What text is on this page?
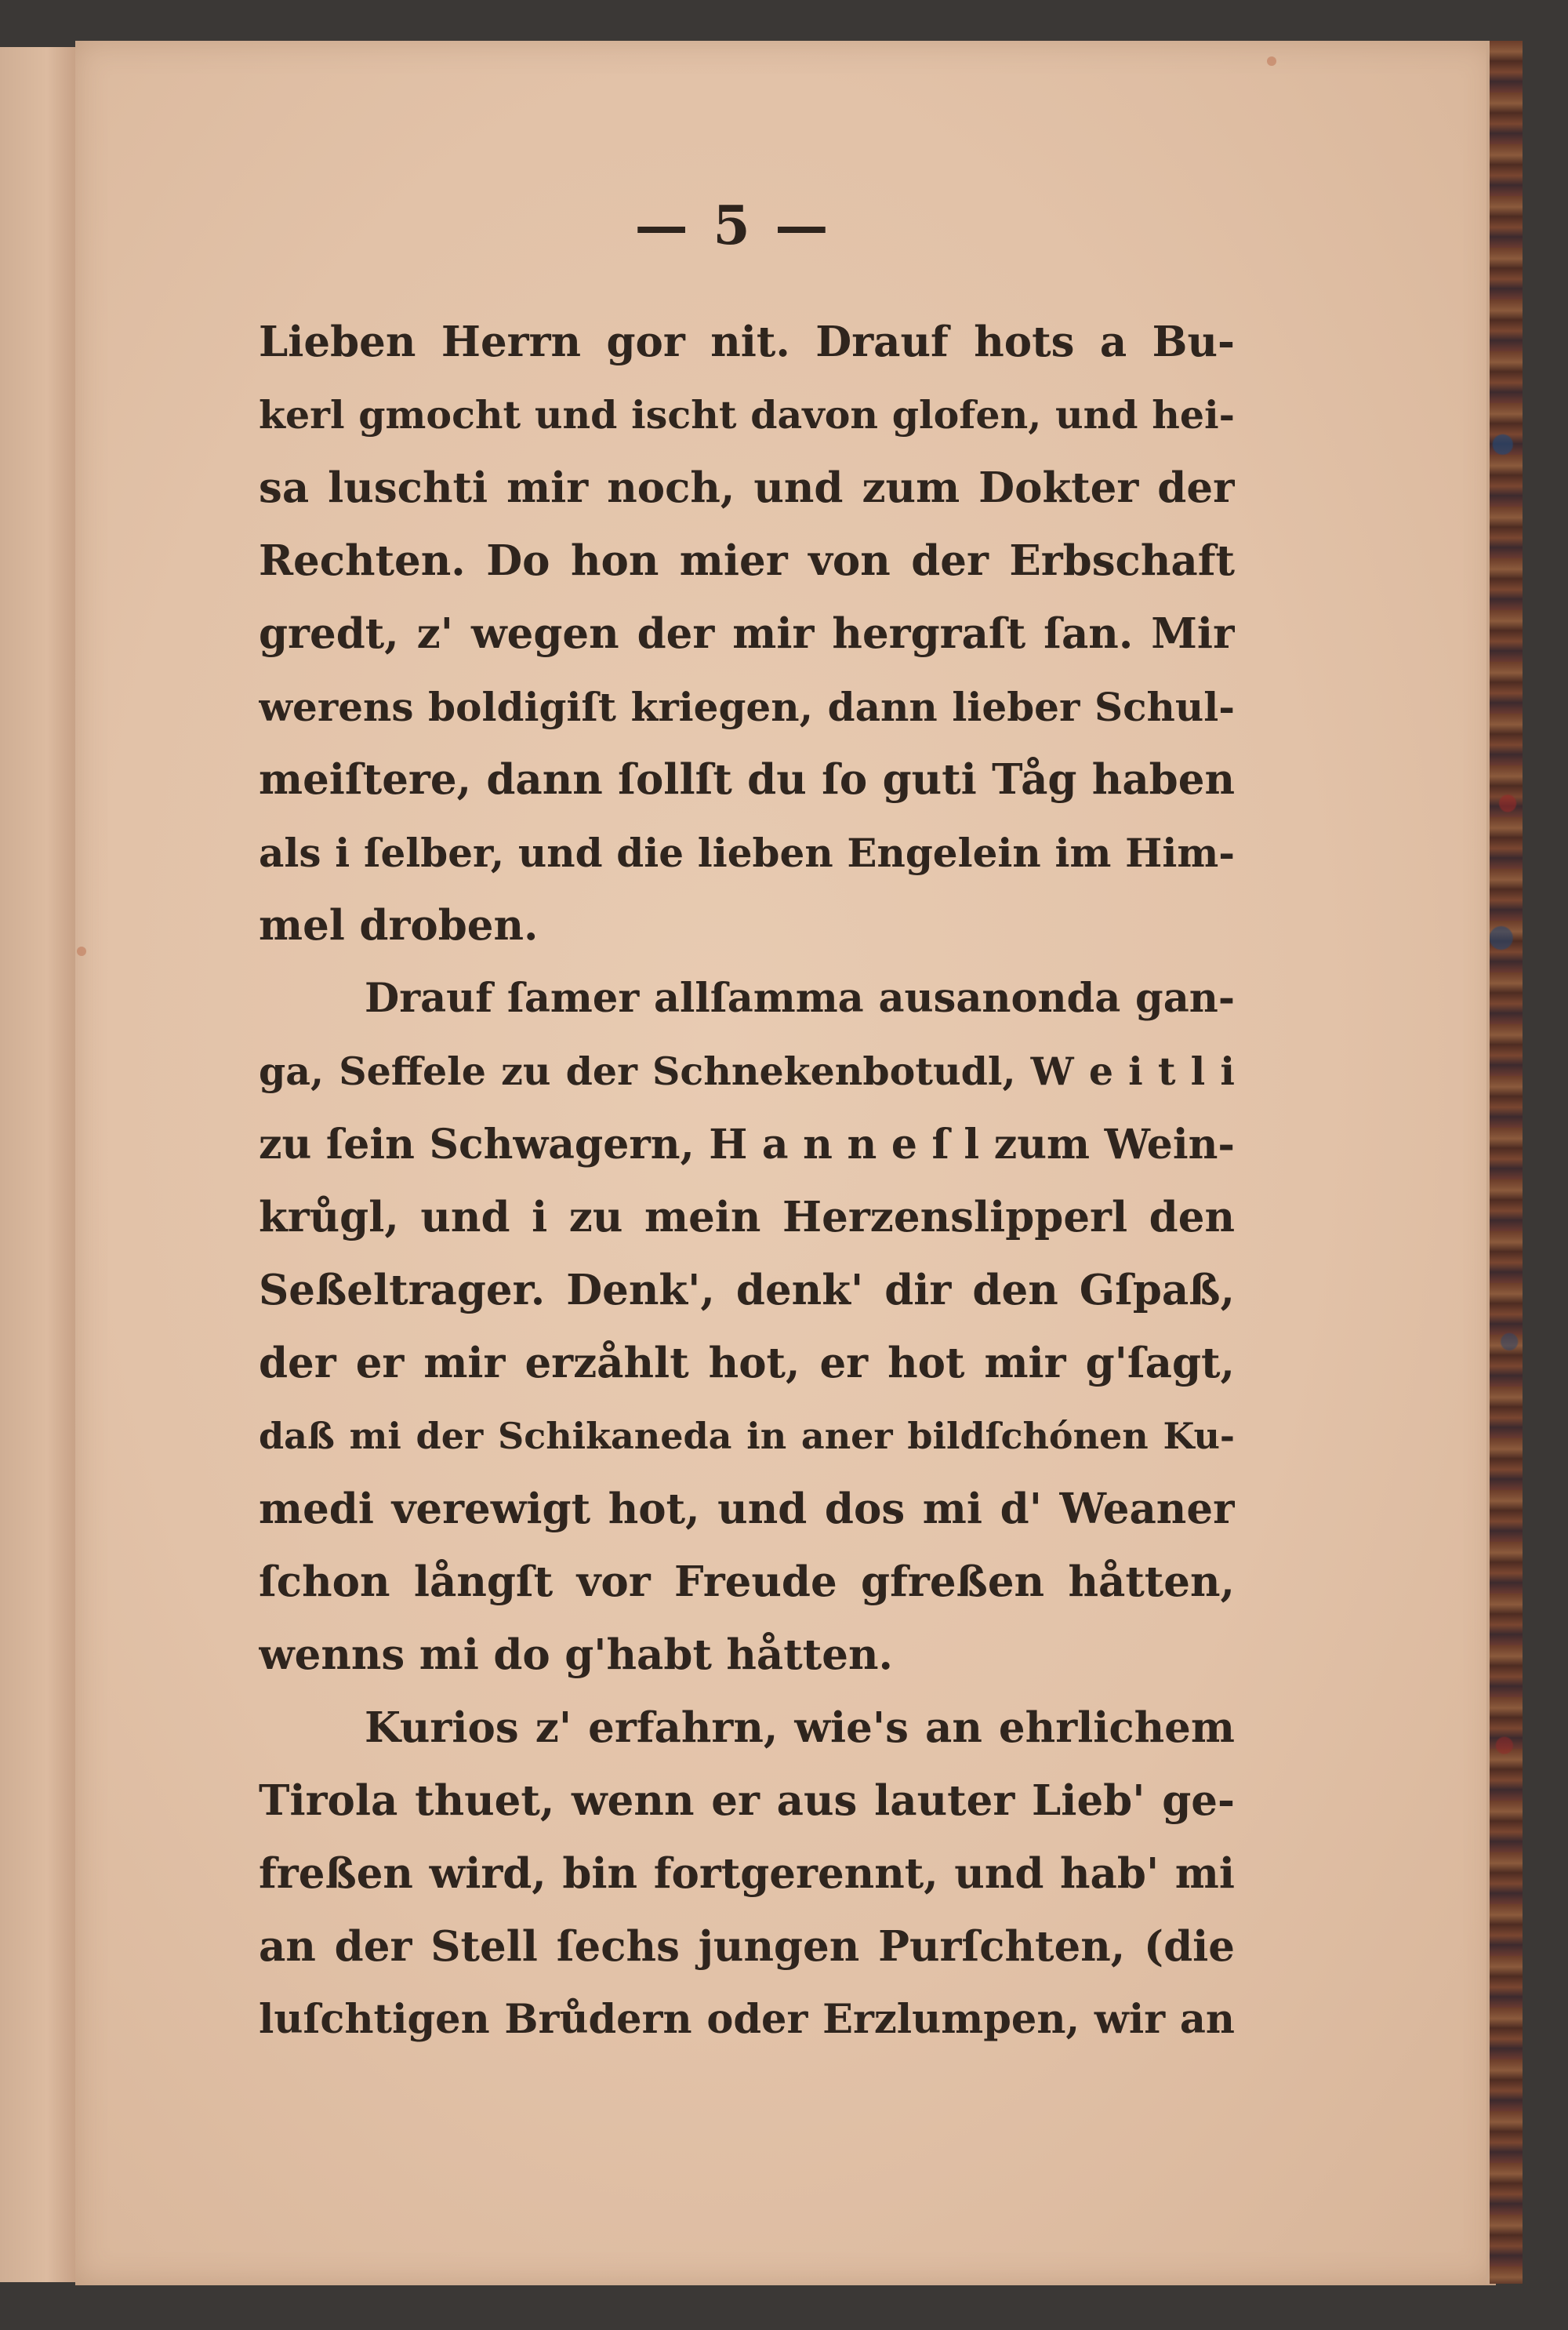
— 5 —
Lieben Herrn gor nit. Drauf hots a Bu-
kerl gmocht und ischt davon glofen, und hei-
sa luschti mir noch, und zum Dokter der
Rechten. Do hon mier von der Erbschaft
gredt, z' wegen der mir hergraſt ſan. Mir
werens boldigiſt kriegen, dann lieber Schul-
meiſtere, dann ſollſt du ſo guti Tåg haben
als i ſelber, und die lieben Engelein im Him-
mel droben.
Drauf ſamer allſamma ausanonda gan-
ga, Seffele zu der Schnekenbotudl, W e i t l i
zu ſein Schwagern, H a n n e ſ l zum Wein-
krůgl, und i zu mein Herzenslipperl den
Seßeltrager. Denk', denk' dir den Gſpaß,
der er mir erzåhlt hot, er hot mir g'ſagt,
daß mi der Schikaneda in aner bildſchónen Ku-
medi verewigt hot, und dos mi d' Weaner
ſchon långſt vor Freude gfreßen håtten,
wenns mi do g'habt håtten.
Kurios z' erfahrn, wie's an ehrlichem
Tirola thuet, wenn er aus lauter Lieb' ge-
freßen wird, bin fortgerennt, und hab' mi
an der Stell ſechs jungen Purſchten, (die
luſchtigen Brůdern oder Erzlumpen, wir an
